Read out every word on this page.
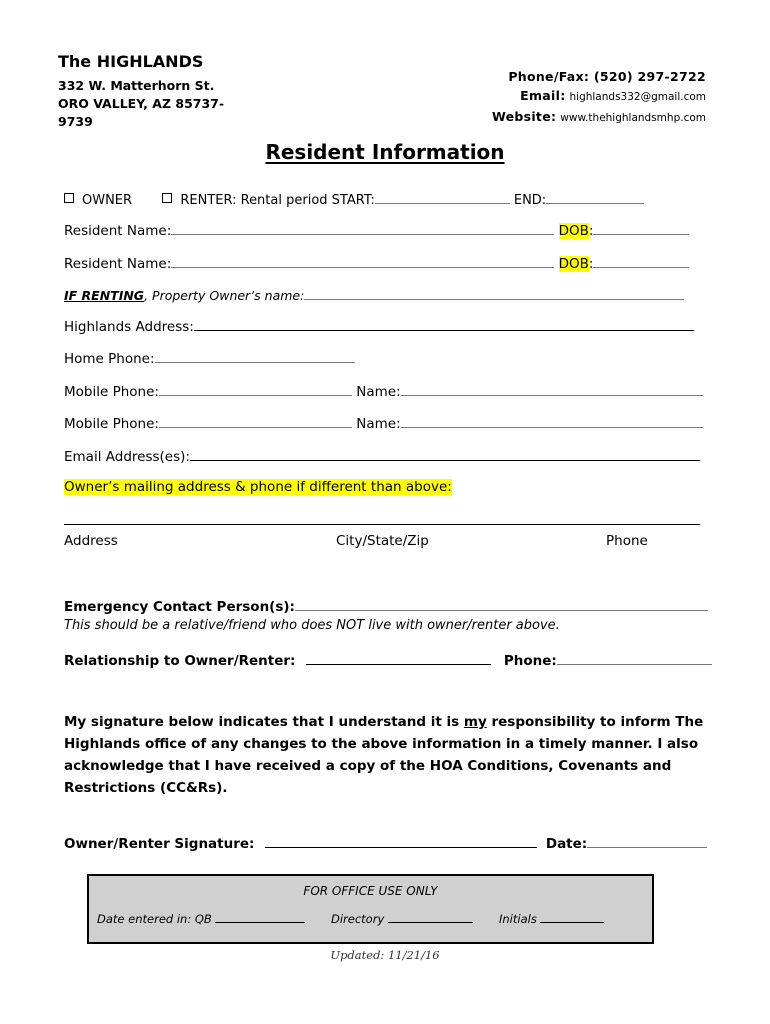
The HIGHLANDS
332 W. Matterhorn St.
ORO VALLEY, AZ 85737-9739
Phone/Fax: (520) 297-2722
Email: highlands332@gmail.com
Website: www.thehighlandsmhp.com
Resident Information
OWNER	RENTER: Rental period START:	END:
Resident Name:	DOB:
Resident Name:	DOB:
IF RENTING, Property Owner’s name:
Highlands Address:
Home Phone:
Mobile Phone:	Name:
Mobile Phone:	Name:
Email Address(es):
Owner’s mailing address & phone if different than above:
Address	City/State/Zip	Phone
Emergency Contact Person(s):
This should be a relative/friend who does NOT live with owner/renter above.
Relationship to Owner/Renter:	Phone:
My signature below indicates that I understand it is my responsibility to inform The Highlands office of any changes to the above information in a timely manner. I also acknowledge that I have received a copy of the HOA Conditions, Covenants and Restrictions (CC&Rs).
Owner/Renter Signature:	Date:
FOR OFFICE USE ONLY
Date entered in: QB	Directory	Initials
Updated: 11/21/16
